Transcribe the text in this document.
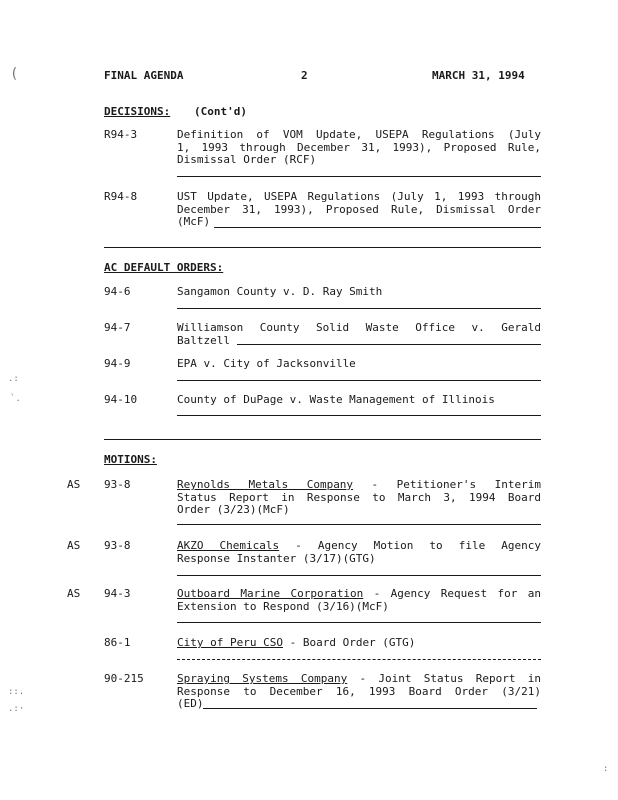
(
.:
`.
::.
.:·
:
FINAL AGENDA	2	MARCH 31, 1994
DECISIONS: (Cont'd)
R94-3	Definition of VOM Update, USEPA Regulations (July
1, 1993 through December 31, 1993), Proposed Rule,
Dismissal Order (RCF)
R94-8	UST Update, USEPA Regulations (July 1, 1993 through
December 31, 1993), Proposed Rule, Dismissal Order
(McF)
AC DEFAULT ORDERS:
94-6	Sangamon County v. D. Ray Smith
94-7	Williamson County Solid Waste Office v. Gerald
Baltzell
94-9	EPA v. City of Jacksonville
94-10	County of DuPage v. Waste Management of Illinois
MOTIONS:
AS 93-8	Reynolds Metals Company - Petitioner's Interim
Status Report in Response to March 3, 1994 Board
Order (3/23)(McF)
AS 93-8	AKZO Chemicals - Agency Motion to file Agency
Response Instanter (3/17)(GTG)
AS 94-3	Outboard Marine Corporation - Agency Request for an
Extension to Respond (3/16)(McF)
86-1	City of Peru CSO - Board Order (GTG)
90-215	Spraying Systems Company - Joint Status Report in
Response to December 16, 1993 Board Order (3/21)
(ED)
